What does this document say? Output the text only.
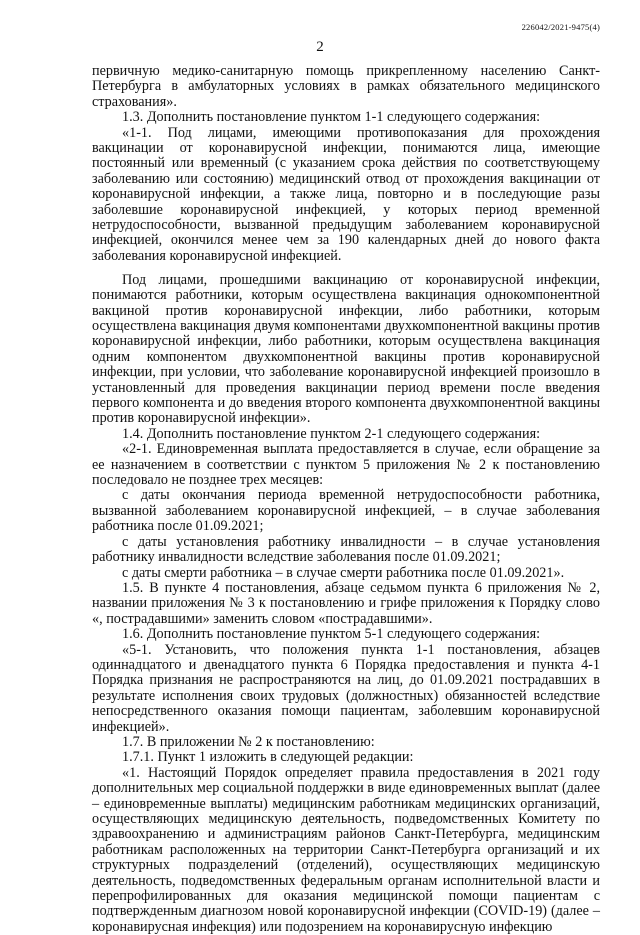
226042/2021-9475(4)
2

первичную медико-санитарную помощь прикрепленному населению Санкт-Петербурга в амбулаторных условиях в рамках обязательного медицинского страхования».

1.3. Дополнить постановление пунктом 1-1 следующего содержания:

«1-1. Под лицами, имеющими противопоказания для прохождения вакцинации от коронавирусной инфекции, понимаются лица, имеющие постоянный или временный (с указанием срока действия по соответствующему заболеванию или состоянию) медицинский отвод от прохождения вакцинации от коронавирусной инфекции, а также лица, повторно и в последующие разы заболевшие коронавирусной инфекцией, у которых период временной нетрудоспособности, вызванной предыдущим заболеванием коронавирусной инфекцией, окончился менее чем за 190 календарных дней до нового факта заболевания коронавирусной инфекцией.

Под лицами, прошедшими вакцинацию от коронавирусной инфекции, понимаются работники, которым осуществлена вакцинация однокомпонентной вакциной против коронавирусной инфекции, либо работники, которым осуществлена вакцинация двумя компонентами двухкомпонентной вакцины против коронавирусной инфекции, либо работники, которым осуществлена вакцинация одним компонентом двухкомпонентной вакцины против коронавирусной инфекции, при условии, что заболевание коронавирусной инфекцией произошло в установленный для проведения вакцинации период времени после введения первого компонента и до введения второго компонента двухкомпонентной вакцины против коронавирусной инфекции».

1.4. Дополнить постановление пунктом 2-1 следующего содержания:

«2-1. Единовременная выплата предоставляется в случае, если обращение за ее назначением в соответствии с пунктом 5 приложения № 2 к постановлению последовало не позднее трех месяцев:

с даты окончания периода временной нетрудоспособности работника, вызванной заболеванием коронавирусной инфекцией, – в случае заболевания работника после 01.09.2021;

с даты установления работнику инвалидности – в случае установления работнику инвалидности вследствие заболевания после 01.09.2021;

с даты смерти работника – в случае смерти работника после 01.09.2021».

1.5. В пункте 4 постановления, абзаце седьмом пункта 6 приложения № 2, названии приложения № 3 к постановлению и грифе приложения к Порядку слово «, пострадавшими» заменить словом «пострадавшими».

1.6. Дополнить постановление пунктом 5-1 следующего содержания:

«5-1. Установить, что положения пункта 1-1 постановления, абзацев одиннадцатого и двенадцатого пункта 6 Порядка предоставления и пункта 4-1 Порядка признания не распространяются на лиц, до 01.09.2021 пострадавших в результате исполнения своих трудовых (должностных) обязанностей вследствие непосредственного оказания помощи пациентам, заболевшим коронавирусной инфекцией».

1.7. В приложении № 2 к постановлению:

1.7.1. Пункт 1 изложить в следующей редакции:

«1. Настоящий Порядок определяет правила предоставления в 2021 году дополнительных мер социальной поддержки в виде единовременных выплат (далее – единовременные выплаты) медицинским работникам медицинских организаций, осуществляющих медицинскую деятельность, подведомственных Комитету по здравоохранению и администрациям районов Санкт-Петербурга, медицинским работникам расположенных на территории Санкт-Петербурга организаций и их структурных подразделений (отделений), осуществляющих медицинскую деятельность, подведомственных федеральным органам исполнительной власти и перепрофилированных для оказания медицинской помощи пациентам с подтвержденным диагнозом новой коронавирусной инфекции (COVID-19) (далее – коронавирусная инфекция) или подозрением на коронавирусную инфекцию
